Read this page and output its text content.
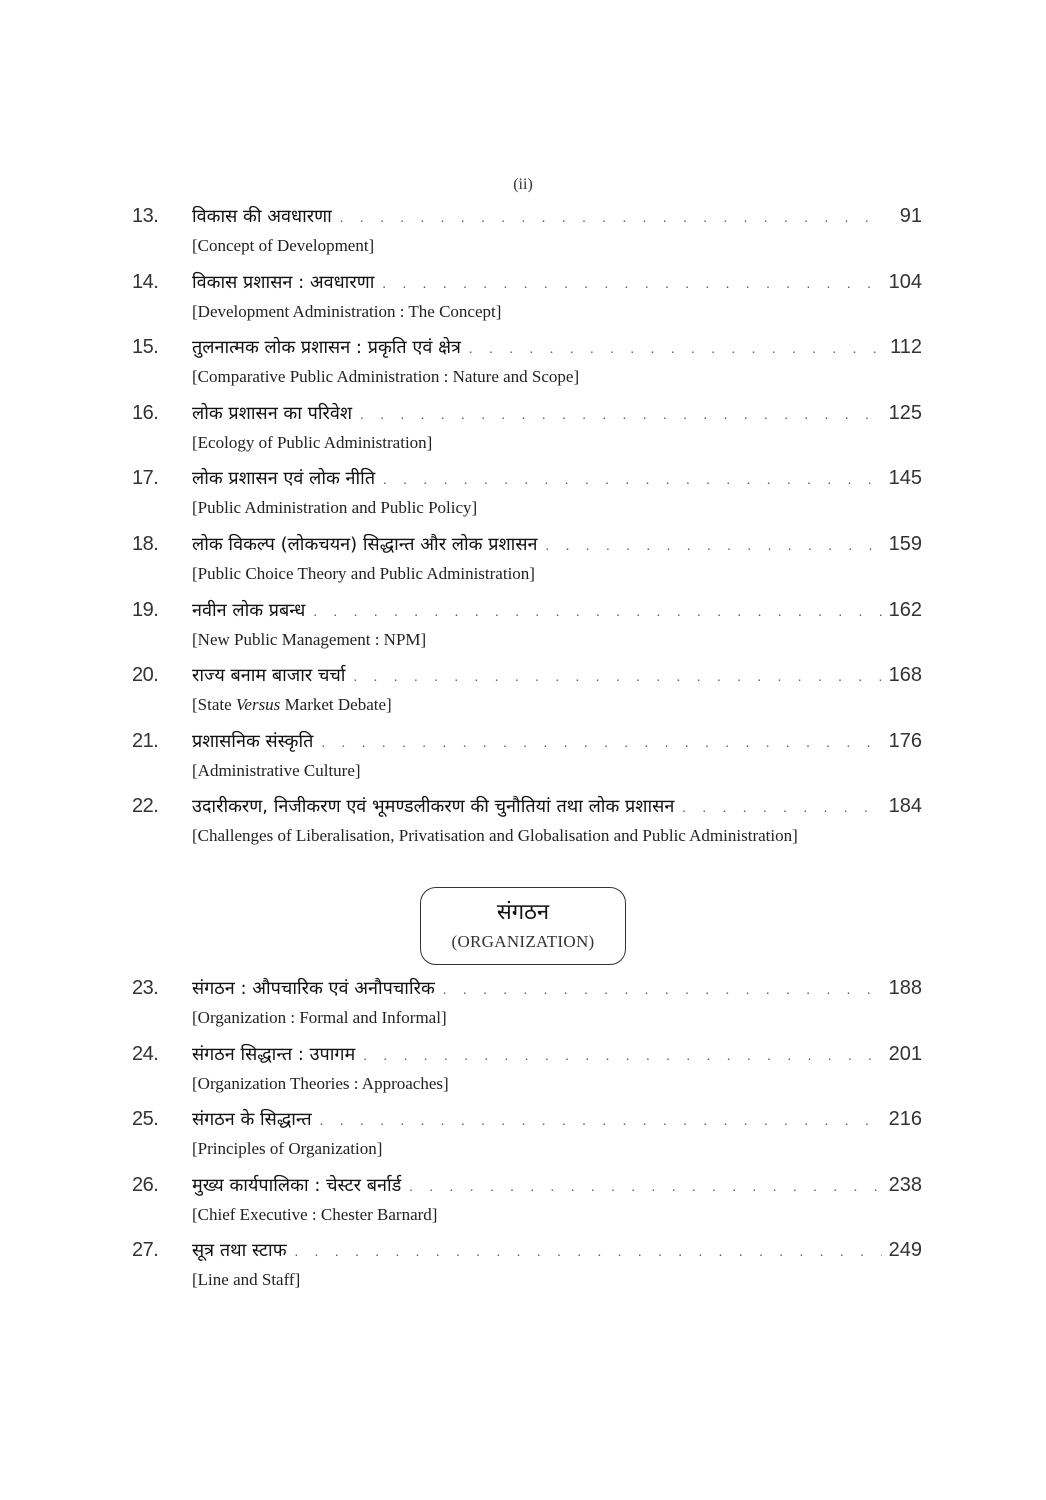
(ii)
13.	विकास की अवधारणा . . .	91
[Concept of Development]
14.	विकास प्रशासन : अवधारणा . . .	104
[Development Administration : The Concept]
15.	तुलनात्मक लोक प्रशासन : प्रकृति एवं क्षेत्र . . .	112
[Comparative Public Administration : Nature and Scope]
16.	लोक प्रशासन का परिवेश . . .	125
[Ecology of Public Administration]
17.	लोक प्रशासन एवं लोक नीति . . .	145
[Public Administration and Public Policy]
18.	लोक विकल्प (लोकचयन) सिद्धान्त और लोक प्रशासन . . .	159
[Public Choice Theory and Public Administration]
19.	नवीन लोक प्रबन्ध . . .	162
[New Public Management : NPM]
20.	राज्य बनाम बाजार चर्चा . . .	168
[State Versus Market Debate]
21.	प्रशासनिक संस्कृति . . .	176
[Administrative Culture]
22.	उदारीकरण, निजीकरण एवं भूमण्डलीकरण की चुनौतियां तथा लोक प्रशासन . . .	184
[Challenges of Liberalisation, Privatisation and Globalisation and Public Administration]
संगठन
(ORGANIZATION)
23.	संगठन : औपचारिक एवं अनौपचारिक . . .	188
[Organization : Formal and Informal]
24.	संगठन सिद्धान्त : उपागम . . .	201
[Organization Theories : Approaches]
25.	संगठन के सिद्धान्त . . .	216
[Principles of Organization]
26.	मुख्य कार्यपालिका : चेस्टर बर्नार्ड . . .	238
[Chief Executive : Chester Barnard]
27.	सूत्र तथा स्टाफ . . .	249
[Line and Staff]
